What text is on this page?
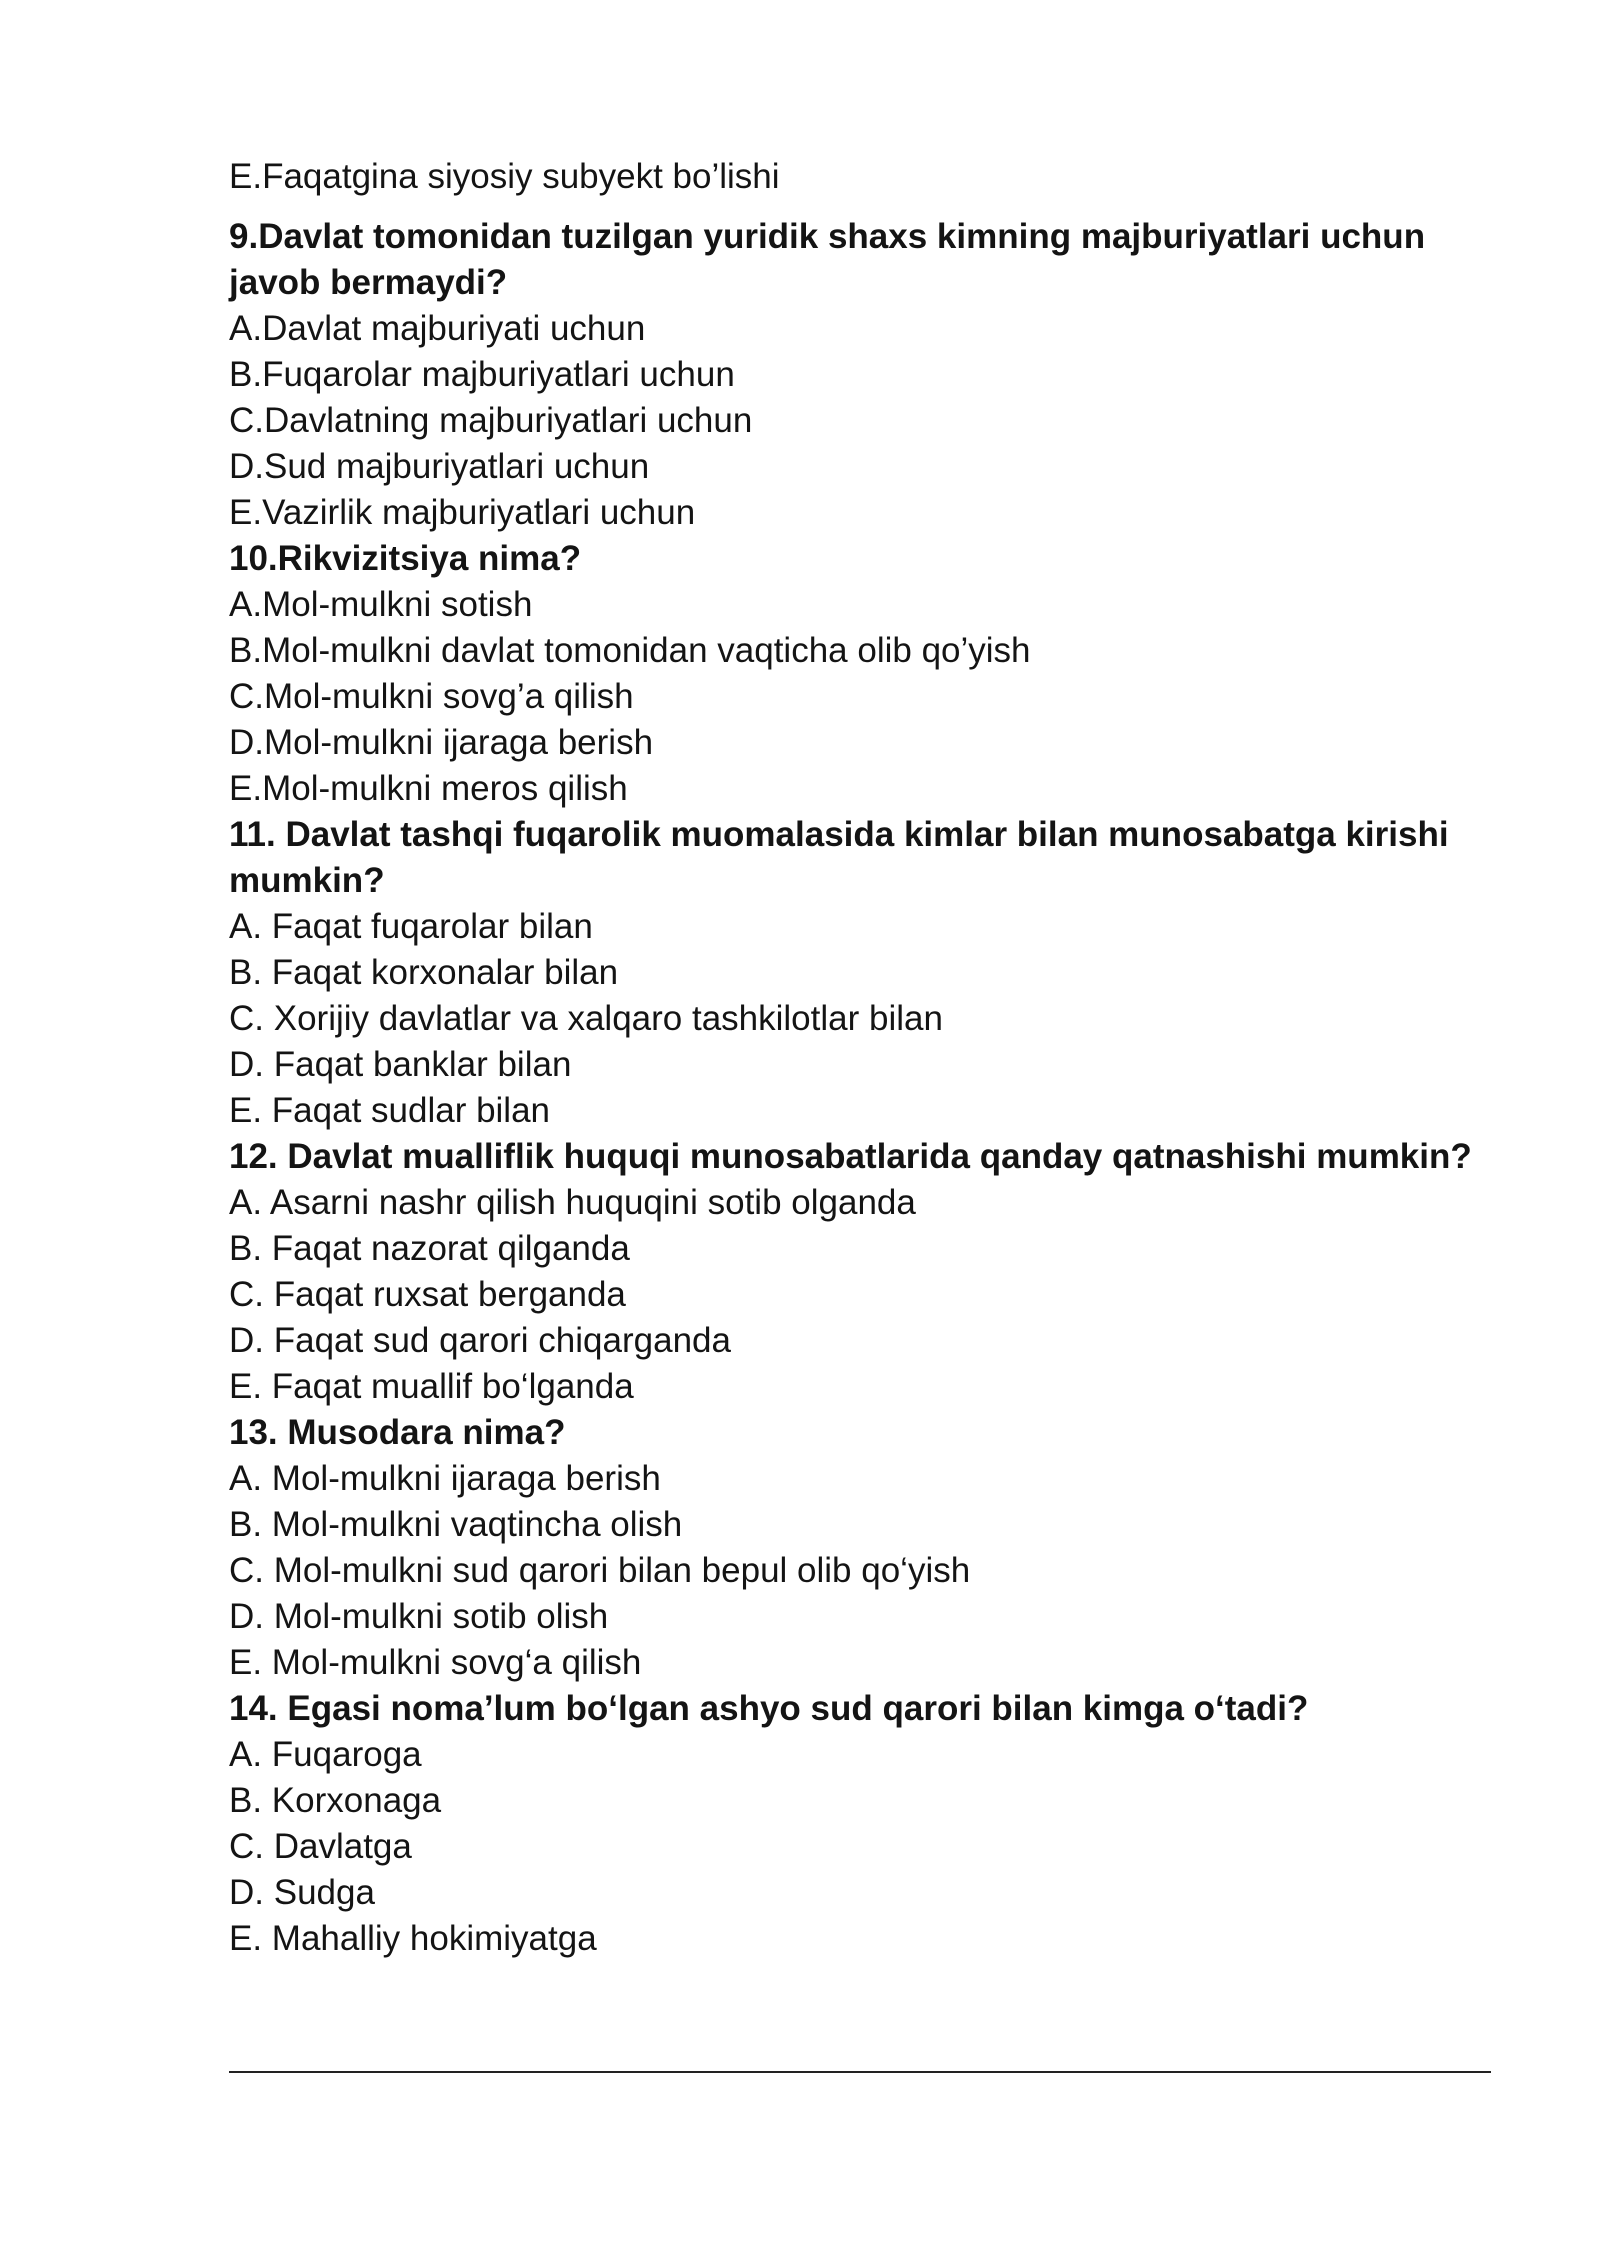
E.Faqatgina siyosiy subyekt bo’lishi
9.Davlat tomonidan tuzilgan yuridik shaxs kimning majburiyatlari uchun javob bermaydi?
A.Davlat majburiyati uchun
B.Fuqarolar majburiyatlari uchun
C.Davlatning majburiyatlari uchun
D.Sud majburiyatlari uchun
E.Vazirlik majburiyatlari uchun
10.Rikvizitsiya nima?
A.Mol-mulkni sotish
B.Mol-mulkni davlat tomonidan vaqticha olib qo’yish
C.Mol-mulkni sovg’a qilish
D.Mol-mulkni ijaraga berish
E.Mol-mulkni meros qilish
11. Davlat tashqi fuqarolik muomalasida kimlar bilan munosabatga kirishi mumkin?
A. Faqat fuqarolar bilan
B. Faqat korxonalar bilan
C. Xorijiy davlatlar va xalqaro tashkilotlar bilan
D. Faqat banklar bilan
E. Faqat sudlar bilan
12. Davlat mualliflik huquqi munosabatlarida qanday qatnashishi mumkin?
A. Asarni nashr qilish huquqini sotib olganda
B. Faqat nazorat qilganda
C. Faqat ruxsat berganda
D. Faqat sud qarori chiqarganda
E. Faqat muallif bo‘lganda
13. Musodara nima?
A. Mol-mulkni ijaraga berish
B. Mol-mulkni vaqtincha olish
C. Mol-mulkni sud qarori bilan bepul olib qo‘yish
D. Mol-mulkni sotib olish
E. Mol-mulkni sovg‘a qilish
14. Egasi noma’lum bo‘lgan ashyo sud qarori bilan kimga o‘tadi?
A. Fuqaroga
B. Korxonaga
C. Davlatga
D. Sudga
E. Mahalliy hokimiyatga
